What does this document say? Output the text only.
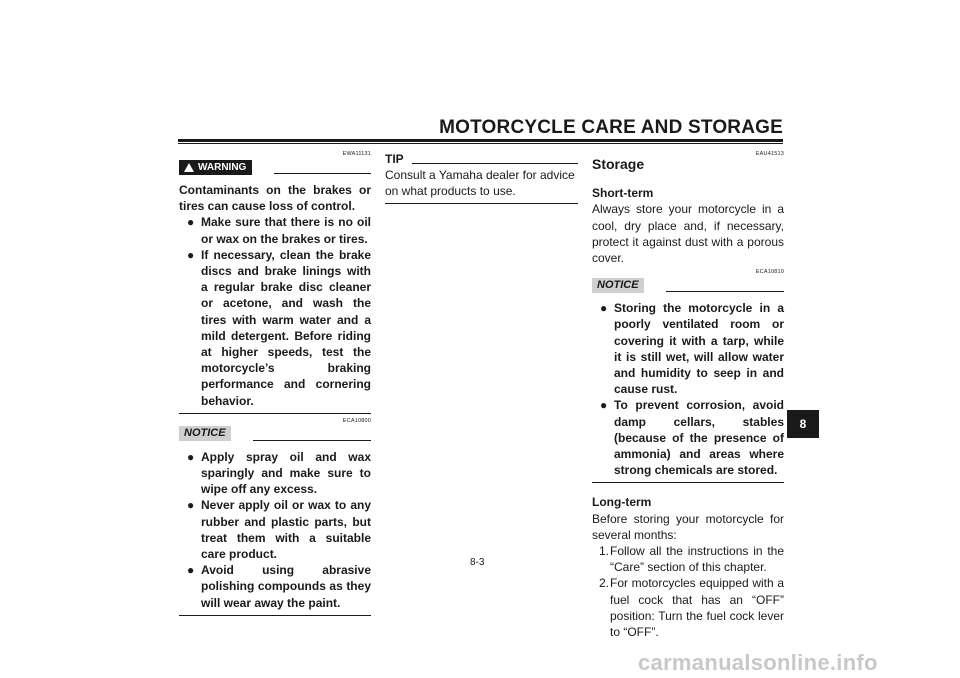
MOTORCYCLE CARE AND STORAGE
EWA11131
WARNING
Contaminants on the brakes or tires can cause loss of control.
● Make sure that there is no oil or wax on the brakes or tires.
● If necessary, clean the brake discs and brake linings with a regular brake disc cleaner or acetone, and wash the tires with warm water and a mild detergent. Before riding at higher speeds, test the motorcycle’s braking performance and cornering behavior.
ECA10800
NOTICE
● Apply spray oil and wax sparingly and make sure to wipe off any excess.
● Never apply oil or wax to any rubber and plastic parts, but treat them with a suitable care product.
● Avoid using abrasive polishing compounds as they will wear away the paint.
TIP
Consult a Yamaha dealer for advice on what products to use.
EAU41513
Storage
Short-term
Always store your motorcycle in a cool, dry place and, if necessary, protect it against dust with a porous cover.
ECA10810
NOTICE
● Storing the motorcycle in a poorly ventilated room or covering it with a tarp, while it is still wet, will allow water and humidity to seep in and cause rust.
● To prevent corrosion, avoid damp cellars, stables (because of the presence of ammonia) and areas where strong chemicals are stored.
Long-term
Before storing your motorcycle for several months:
1. Follow all the instructions in the “Care” section of this chapter.
2. For motorcycles equipped with a fuel cock that has an “OFF” position: Turn the fuel cock lever to “OFF”.
8-3
8
carmanualsonline.info
